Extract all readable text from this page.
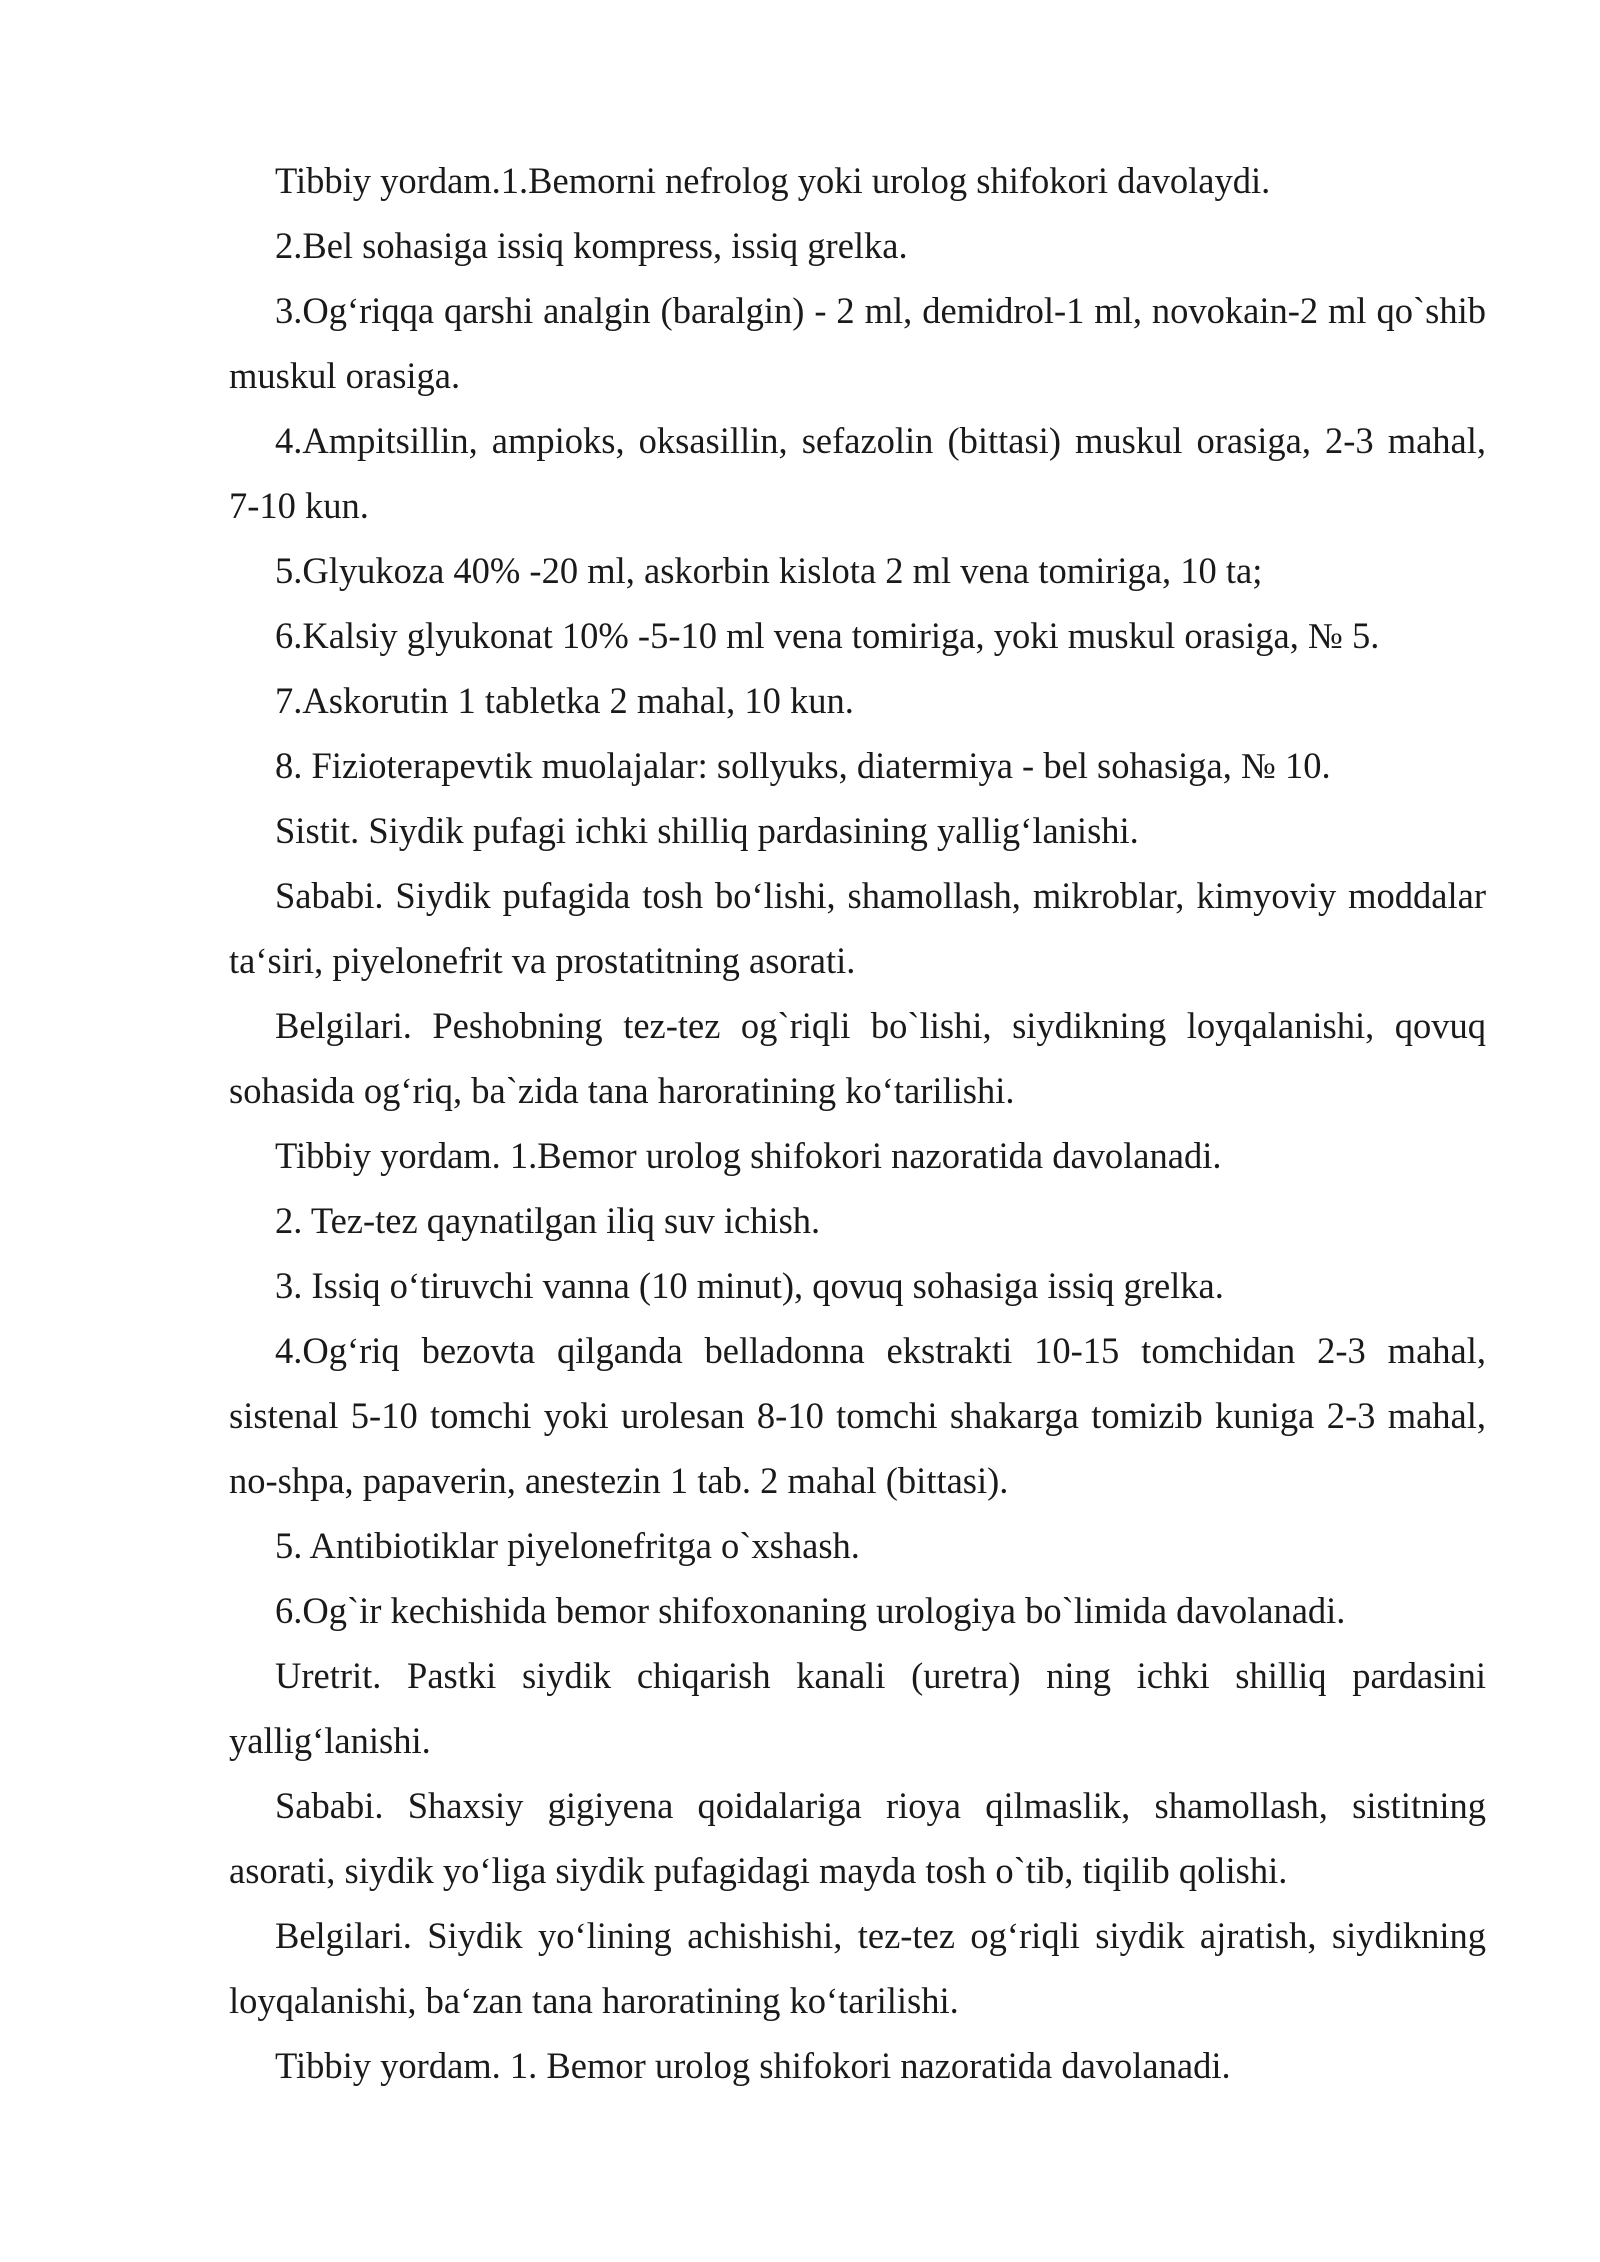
Tibbiy yordam.1.Bemorni nefrolog yoki urolog shifokori davolaydi.

2.Bel sohasiga issiq kompress, issiq grelka.

3.Og‘riqqa qarshi analgin (baralgin) - 2 ml, demidrol-1 ml, novokain-2 ml qo`shib muskul orasiga.

4.Ampitsillin, ampioks, oksasillin, sefazolin (bittasi) muskul orasiga, 2-3 mahal, 7-10 kun.

5.Glyukoza 40% -20 ml, askorbin kislota 2 ml vena tomiriga, 10 ta;

6.Kalsiy glyukonat 10% -5-10 ml vena tomiriga, yoki muskul orasiga, № 5.

7.Askorutin 1 tabletka 2 mahal, 10 kun.

8. Fizioterapevtik muolajalar: sollyuks, diatermiya - bel sohasiga, № 10.

Sistit. Siydik pufagi ichki shilliq pardasining yallig‘lanishi.

Sababi. Siydik pufagida tosh bo‘lishi, shamollash, mikroblar, kimyoviy moddalar ta‘siri, piyelonefrit va prostatitning asorati.

Belgilari. Peshobning tez-tez og`riqli bo`lishi, siydikning loyqalanishi, qovuq sohasida og‘riq, ba`zida tana haroratining ko‘tarilishi.

Tibbiy yordam. 1.Bemor urolog shifokori nazoratida davolanadi.

2. Tez-tez qaynatilgan iliq suv ichish.

3. Issiq o‘tiruvchi vanna (10 minut), qovuq sohasiga issiq grelka.

4.Og‘riq bezovta qilganda belladonna ekstrakti 10-15 tomchidan 2-3 mahal, sistenal 5-10 tomchi yoki urolesan 8-10 tomchi shakarga tomizib kuniga 2-3 mahal, no-shpa, papaverin, anestezin 1 tab. 2 mahal (bittasi).

5. Antibiotiklar piyelonefritga o`xshash.

6.Og`ir kechishida bemor shifoxonaning urologiya bo`limida davolanadi.

Uretrit. Pastki siydik chiqarish kanali (uretra) ning ichki shilliq pardasini yallig‘lanishi.

Sababi. Shaxsiy gigiyena qoidalariga rioya qilmaslik, shamollash, sistitning asorati, siydik yo‘liga siydik pufagidagi mayda tosh o`tib, tiqilib qolishi.

Belgilari. Siydik yo‘lining achishishi, tez-tez og‘riqli siydik ajratish, siydikning loyqalanishi, ba‘zan tana haroratining ko‘tarilishi.

Tibbiy yordam. 1. Bemor urolog shifokori nazoratida davolanadi.
